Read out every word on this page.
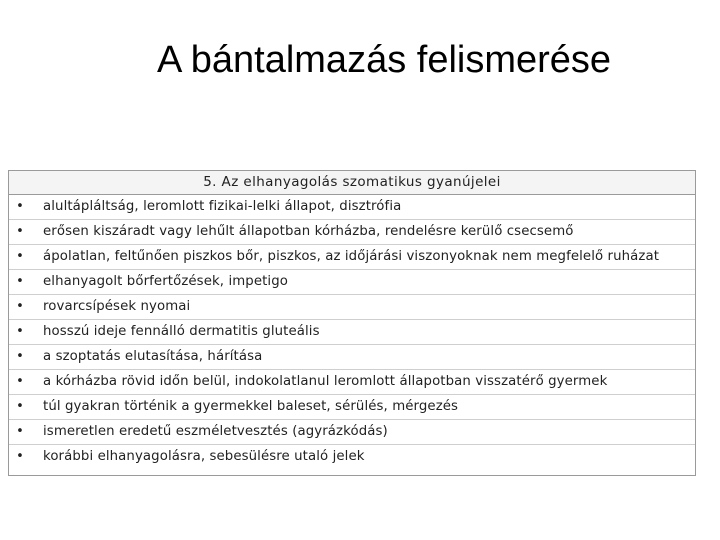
A bántalmazás felismerése
5. Az elhanyagolás szomatikus gyanújelei
• alultápláltság, leromlott fizikai-lelki állapot, disztrófia
• erősen kiszáradt vagy lehűlt állapotban kórházba, rendelésre kerülő csecsemő
• ápolatlan, feltűnően piszkos bőr, piszkos, az időjárási viszonyoknak nem megfelelő ruházat
• elhanyagolt bőrfertőzések, impetigo
• rovarcsípések nyomai
• hosszú ideje fennálló dermatitis gluteális
• a szoptatás elutasítása, hárítása
• a kórházba rövid időn belül, indokolatlanul leromlott állapotban visszatérő gyermek
• túl gyakran történik a gyermekkel baleset, sérülés, mérgezés
• ismeretlen eredetű eszméletvesztés (agyrázkódás)
• korábbi elhanyagolásra, sebesülésre utaló jelek
